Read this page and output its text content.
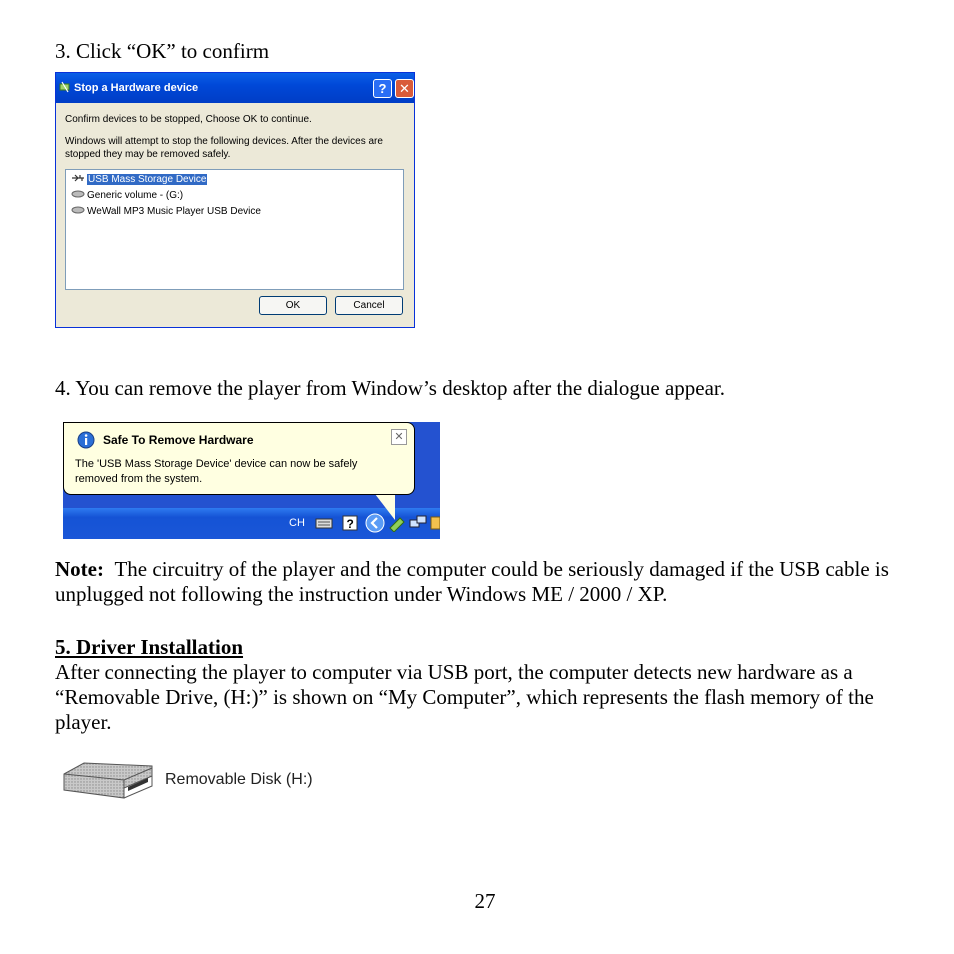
3. Click “OK” to confirm
Stop a Hardware device	? ✕
Confirm devices to be stopped, Choose OK to continue.
Windows will attempt to stop the following devices. After the devices are
stopped they may be removed safely.
USB Mass Storage Device
Generic volume - (G:)
WeWall MP3 Music Player USB Device
OK	Cancel
4. You can remove the player from Window’s desktop after the dialogue appear.
Safe To Remove Hardware	✕
The 'USB Mass Storage Device' device can now be safely
removed from the system.
CH	?
Note: The circuitry of the player and the computer could be seriously damaged if the USB cable is unplugged not following the instruction under Windows ME / 2000 / XP.
5. Driver Installation
After connecting the player to computer via USB port, the computer detects new hardware as a “Removable Drive, (H:)” is shown on “My Computer”, which represents the flash memory of the player.
Removable Disk (H:)
27
